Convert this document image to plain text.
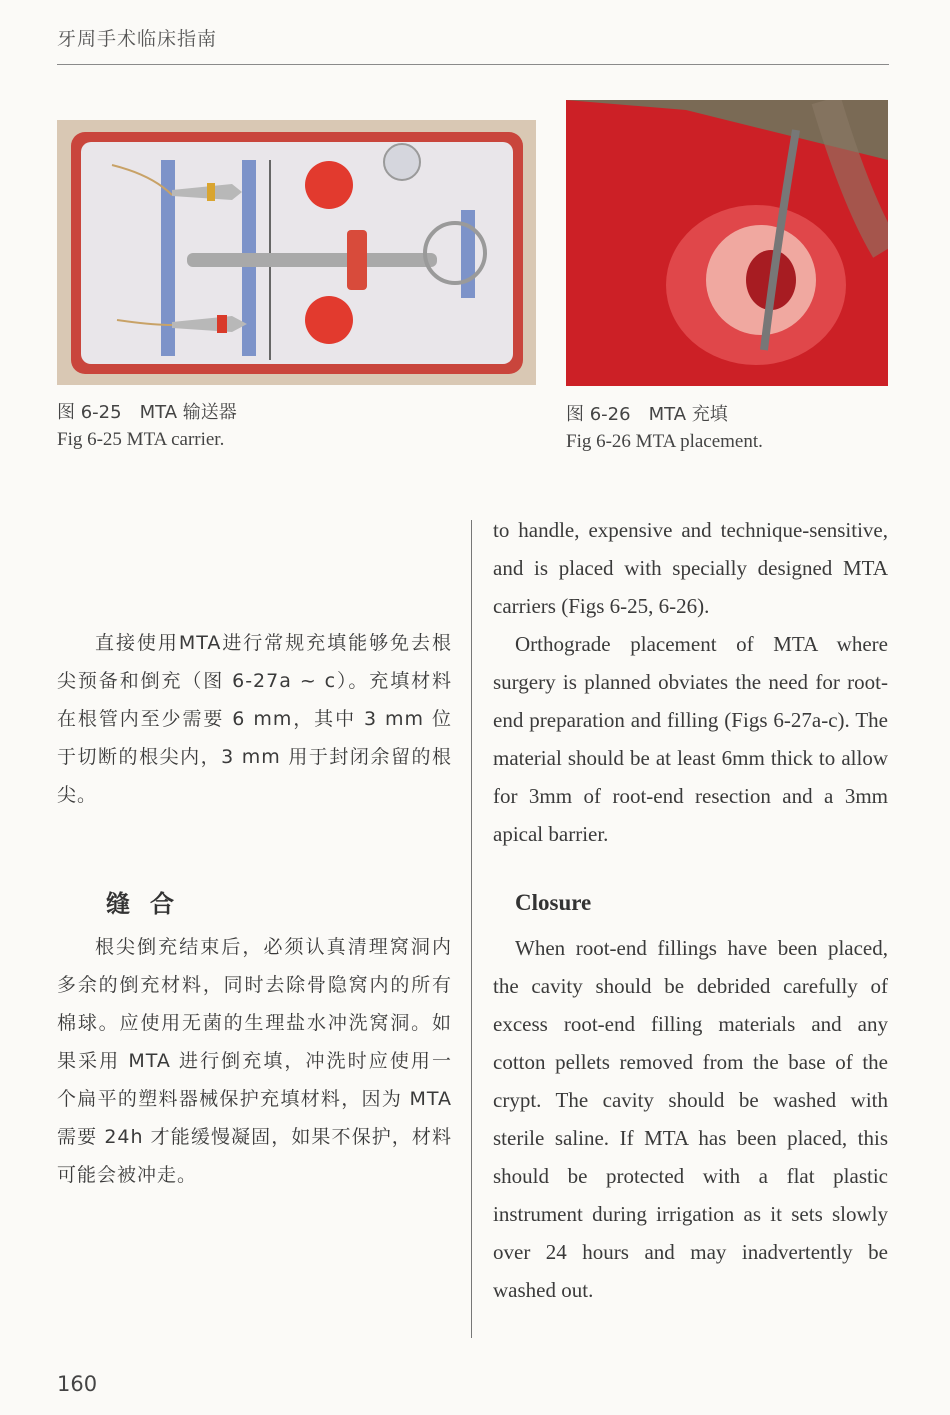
牙周手术临床指南
图 6-25　MTA 输送器
Fig 6-25 MTA carrier.
图 6-26　MTA 充填
Fig 6-26 MTA placement.

直接使用MTA进行常规充填能够免去根尖预备和倒充（图 6-27a ~ c）。充填材料在根管内至少需要 6 mm，其中 3 mm 位于切断的根尖内，3 mm 用于封闭余留的根尖。

缝合

根尖倒充结束后，必须认真清理窝洞内多余的倒充材料，同时去除骨隐窝内的所有棉球。应使用无菌的生理盐水冲洗窝洞。如果采用 MTA 进行倒充填，冲洗时应使用一个扁平的塑料器械保护充填材料，因为 MTA 需要 24h 才能缓慢凝固，如果不保护，材料可能会被冲走。

to handle, expensive and technique-sensitive, and is placed with specially designed MTA carriers (Figs 6-25, 6-26).

Orthograde placement of MTA where surgery is planned obviates the need for root-end preparation and filling (Figs 6-27a-c). The material should be at least 6mm thick to allow for 3mm of root-end resection and a 3mm apical barrier.

Closure

When root-end fillings have been placed, the cavity should be debrided carefully of excess root-end filling materials and any cotton pellets removed from the base of the crypt. The cavity should be washed with sterile saline. If MTA has been placed, this should be protected with a flat plastic instrument during irrigation as it sets slowly over 24 hours and may inadvertently be washed out.

160
